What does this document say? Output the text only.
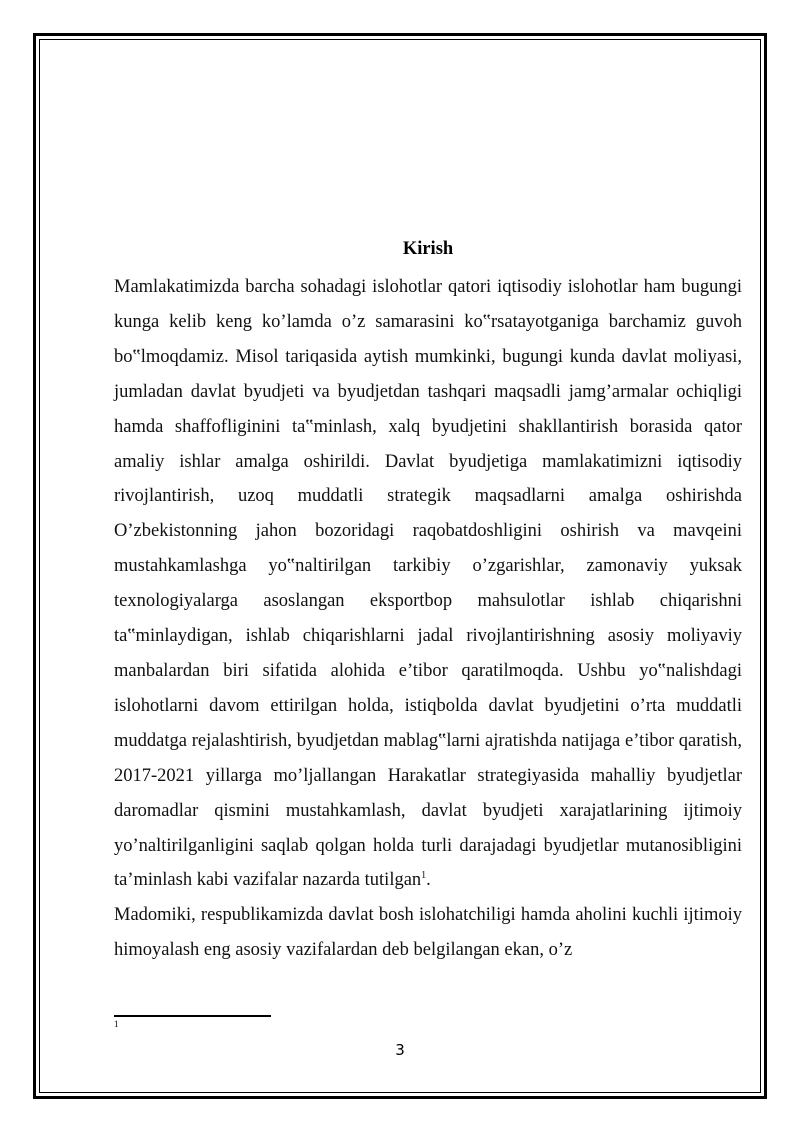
Kirish

Mamlakatimizda barcha sohadagi islohotlar qatori iqtisodiy islohotlar ham bugungi kunga kelib keng ko’lamda o’z samarasini ko‟rsatayotganiga barchamiz guvoh bo‟lmoqdamiz. Misol tariqasida aytish mumkinki, bugungi kunda davlat moliyasi, jumladan davlat byudjeti va byudjetdan tashqari maqsadli jamg’armalar ochiqligi hamda shaffofliginini ta‟minlash, xalq byudjetini shakllantirish borasida qator amaliy ishlar amalga oshirildi. Davlat byudjetiga mamlakatimizni iqtisodiy rivojlantirish, uzoq muddatli strategik maqsadlarni amalga oshirishda O’zbekistonning jahon bozoridagi raqobatdoshligini oshirish va mavqeini mustahkamlashga yo‟naltirilgan tarkibiy o’zgarishlar, zamonaviy yuksak texnologiyalarga asoslangan eksportbop mahsulotlar ishlab chiqarishni ta‟minlaydigan, ishlab chiqarishlarni jadal rivojlantirishning asosiy moliyaviy manbalardan biri sifatida alohida e’tibor qaratilmoqda. Ushbu yo‟nalishdagi islohotlarni davom ettirilgan holda, istiqbolda davlat byudjetini o’rta muddatli muddatga rejalashtirish, byudjetdan mablag‟larni ajratishda natijaga e’tibor qaratish, 2017-2021 yillarga mo’ljallangan Harakatlar strategiyasida mahalliy byudjetlar daromadlar qismini mustahkamlash, davlat byudjeti xarajatlarining ijtimoiy yo’naltirilganligini saqlab qolgan holda turli darajadagi byudjetlar mutanosibligini ta’minlash kabi vazifalar nazarda tutilgan$^1$.

Madomiki, respublikamizda davlat bosh islohatchiligi hamda aholini kuchli ijtimoiy himoyalash eng asosiy vazifalardan deb belgilangan ekan, o’z

1
3
